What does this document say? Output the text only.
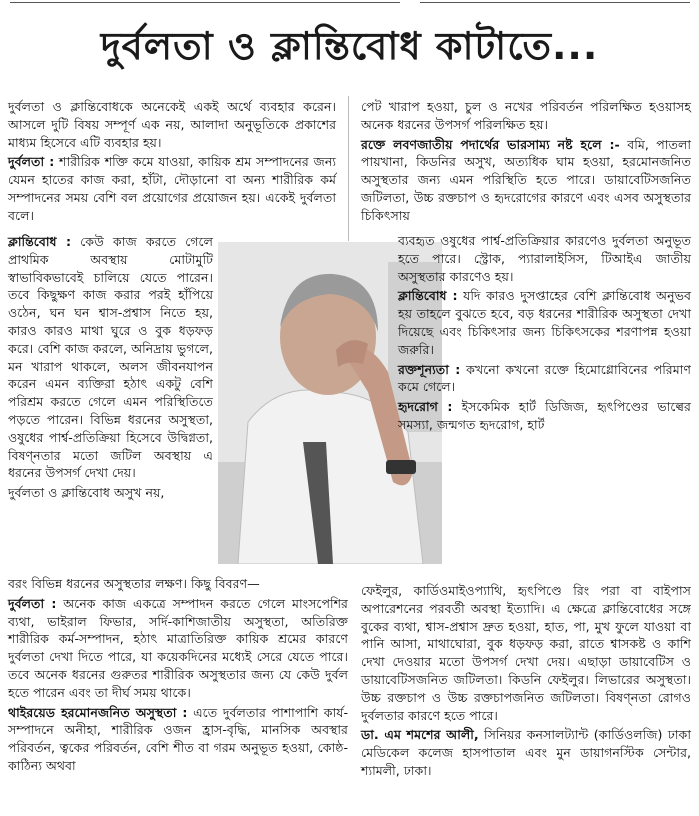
দুর্বলতা ও ক্লান্তিবোধ কাটাতে...

দুর্বলতা ও ক্লান্তিবোধকে অনেকেই একই অর্থে ব্যবহার করেন। আসলে দুটি বিষয় সম্পূর্ণ এক নয়, আলাদা অনুভূতিকে প্রকাশের মাধ্যম হিসেবে এটি ব্যবহার হয়।

দুর্বলতা : শারীরিক শক্তি কমে যাওয়া, কায়িক শ্রম সম্পাদনের জন্য যেমন হাতের কাজ করা, হাঁটা, দৌড়ানো বা অন্য শারীরিক কর্ম সম্পাদনের সময় বেশি বল প্রয়োগের প্রয়োজন হয়। একেই দুর্বলতা বলে।

পেট খারাপ হওয়া, চুল ও নখের পরিবর্তন পরিলক্ষিত হওয়াসহ অনেক ধরনের উপসর্গ পরিলক্ষিত হয়।

রক্তে লবণজাতীয় পদার্থের ভারসাম্য নষ্ট হলে :- বমি, পাতলা পায়খানা, কিডনির অসুখ, অত্যধিক ঘাম হওয়া, হরমোনজনিত অসুস্থতার জন্য এমন পরিস্থিতি হতে পারে। ডায়াবেটিসজনিত জটিলতা, উচ্চ রক্তচাপ ও হৃদরোগের কারণে এবং এসব অসুস্থতার চিকিৎসায়

ক্লান্তিবোধ : কেউ কাজ করতে গেলে প্রাথমিক অবস্থায় মোটামুটি স্বাভাবিকভাবেই চালিয়ে যেতে পারেন। তবে কিছুক্ষণ কাজ করার পরই হাঁপিয়ে ওঠেন, ঘন ঘন শ্বাস-প্রশ্বাস নিতে হয়, কারও কারও মাথা ঘুরে ও বুক ধড়ফড় করে। বেশি কাজ করলে, অনিদ্রায় ভুগলে, মন খারাপ থাকলে, অলস জীবনযাপন করেন এমন ব্যক্তিরা হঠাৎ একটু বেশি পরিশ্রম করতে গেলে এমন পরিস্থিতিতে পড়তে পারেন। বিভিন্ন ধরনের অসুস্থতা, ওষুধের পার্শ্ব-প্রতিক্রিয়া হিসেবে উদ্বিগ্নতা, বিষণ্নতার মতো জটিল অবস্থায় এ ধরনের উপসর্গ দেখা দেয়।

দুর্বলতা ও ক্লান্তিবোধ অসুখ নয়,

ব্যবহৃত ওষুধের পার্শ্ব-প্রতিক্রিয়ার কারণেও দুর্বলতা অনুভূত হতে পারে। স্ট্রোক, প্যারালাইসিস, টিআইএ জাতীয় অসুস্থতার কারণেও হয়।

ক্লান্তিবোধ : যদি কারও দুসপ্তাহের বেশি ক্লান্তিবোধ অনুভব হয় তাহলে বুঝতে হবে, বড় ধরনের শারীরিক অসুস্থতা দেখা দিয়েছে এবং চিকিৎসার জন্য চিকিৎসকের শরণাপন্ন হওয়া জরুরি।

রক্তশূন্যতা : কখনো কখনো রক্তে হিমোগ্লোবিনের পরিমাণ কমে গেলে।

হৃদরোগ : ইসকেমিক হার্ট ডিজিজ, হৃৎপিণ্ডের ভাল্বের সমস্যা, জন্মগত হৃদরোগ, হার্ট

বরং বিভিন্ন ধরনের অসুস্থতার লক্ষণ। কিছু বিবরণ—

দুর্বলতা : অনেক কাজ একত্রে সম্পাদন করতে গেলে মাংসপেশির ব্যথা, ভাইরাল ফিভার, সর্দি-কাশিজাতীয় অসুস্থতা, অতিরিক্ত শারীরিক কর্ম-সম্পাদন, হঠাৎ মাত্রাতিরিক্ত কায়িক শ্রমের কারণে দুর্বলতা দেখা দিতে পারে, যা কয়েকদিনের মধ্যেই সেরে যেতে পারে। তবে অনেক ধরনের গুরুতর শারীরিক অসুস্থতার জন্য যে কেউ দুর্বল হতে পারেন এবং তা দীর্ঘ সময় থাকে।

থাইরয়েড হরমোনজনিত অসুস্থতা : এতে দুর্বলতার পাশাপাশি কার্য-সম্পাদনে অনীহা, শারীরিক ওজন হ্রাস-বৃদ্ধি, মানসিক অবস্থার পরিবর্তন, ত্বকের পরিবর্তন, বেশি শীত বা গরম অনুভূত হওয়া, কোষ্ঠ-কাঠিন্য অথবা

ফেইলুর, কার্ডিওমাইওপ্যাথি, হৃৎপিণ্ডে রিং পরা বা বাইপাস অপারেশনের পরবর্তী অবস্থা ইত্যাদি। এ ক্ষেত্রে ক্লান্তিবোধের সঙ্গে বুকের ব্যথা, শ্বাস-প্রশ্বাস দ্রুত হওয়া, হাত, পা, মুখ ফুলে যাওয়া বা পানি আসা, মাথাঘোরা, বুক ধড়ফড় করা, রাতে শ্বাসকষ্ট ও কাশি দেখা দেওয়ার মতো উপসর্গ দেখা দেয়। এছাড়া ডায়াবেটিস ও ডায়াবেটিসজনিত জটিলতা। কিডনি ফেইলুর। লিভারের অসুস্থতা। উচ্চ রক্তচাপ ও উচ্চ রক্তচাপজনিত জটিলতা। বিষণ্নতা রোগও দুর্বলতার কারণে হতে পারে।

ডা. এম শমশের আলী, সিনিয়র কনসালট্যান্ট (কার্ডিওলজি) ঢাকা মেডিকেল কলেজ হাসপাতাল এবং মুন ডায়াগনস্টিক সেন্টার, শ্যামলী, ঢাকা।
